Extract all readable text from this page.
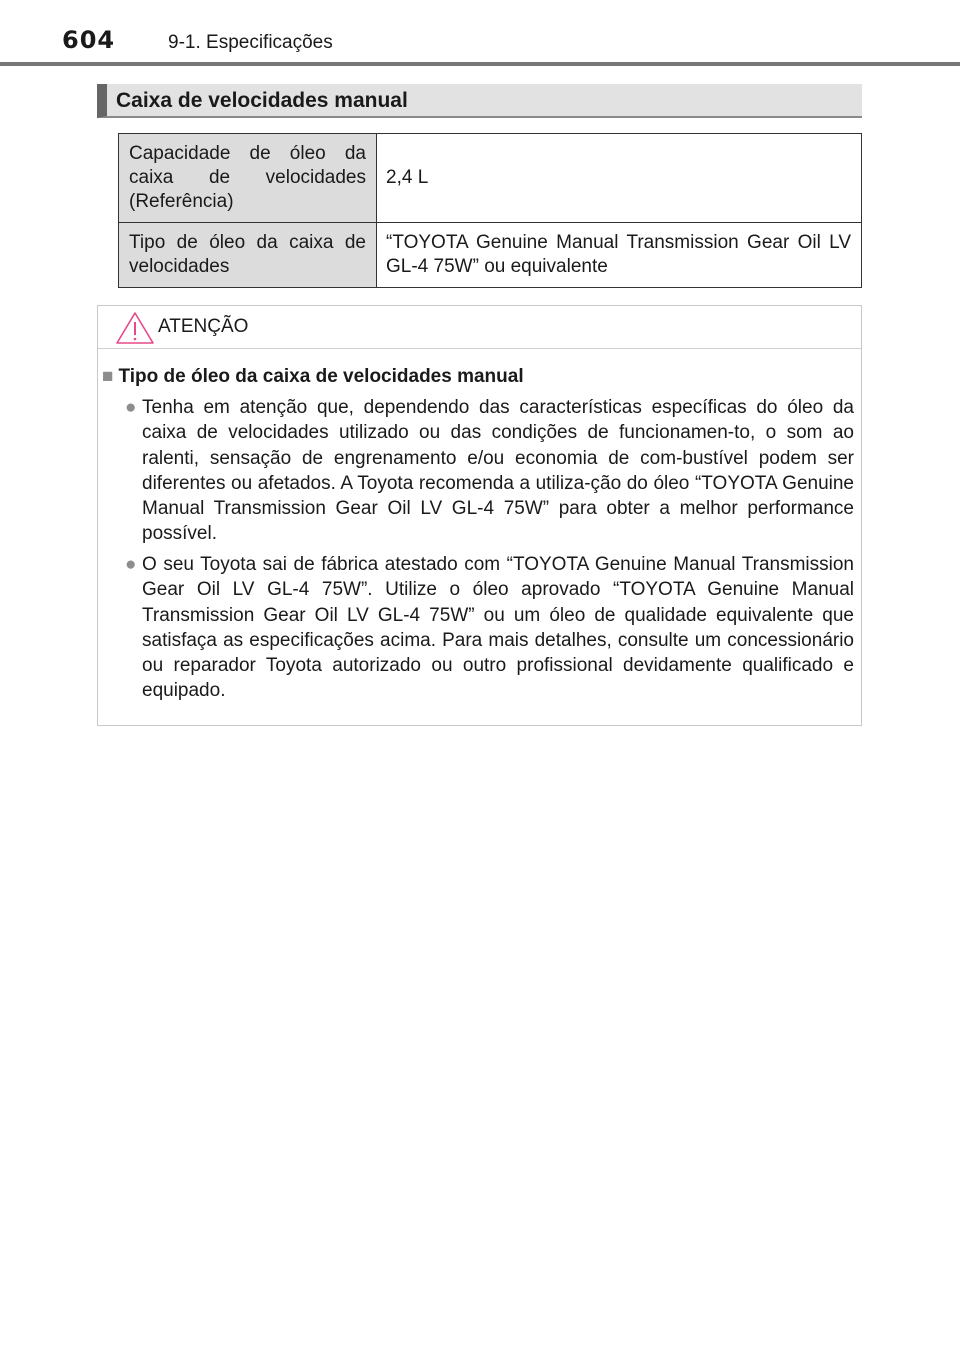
604	9-1. Especificações
Caixa de velocidades manual
Capacidade de óleo da caixa de velocidades (Referência)	2,4 L
Tipo de óleo da caixa de velocidades	“TOYOTA Genuine Manual Transmission Gear Oil LV GL-4 75W” ou equivalente
ATENÇÃO
■ Tipo de óleo da caixa de velocidades manual
● Tenha em atenção que, dependendo das características específicas do óleo da caixa de velocidades utilizado ou das condições de funcionamen-to, o som ao ralenti, sensação de engrenamento e/ou economia de com-bustível podem ser diferentes ou afetados. A Toyota recomenda a utiliza-ção do óleo “TOYOTA Genuine Manual Transmission Gear Oil LV GL-4 75W” para obter a melhor performance possível.
● O seu Toyota sai de fábrica atestado com “TOYOTA Genuine Manual Transmission Gear Oil LV GL-4 75W”. Utilize o óleo aprovado “TOYOTA Genuine Manual Transmission Gear Oil LV GL-4 75W” ou um óleo de qualidade equivalente que satisfaça as especificações acima. Para mais detalhes, consulte um concessionário ou reparador Toyota autorizado ou outro profissional devidamente qualificado e equipado.
